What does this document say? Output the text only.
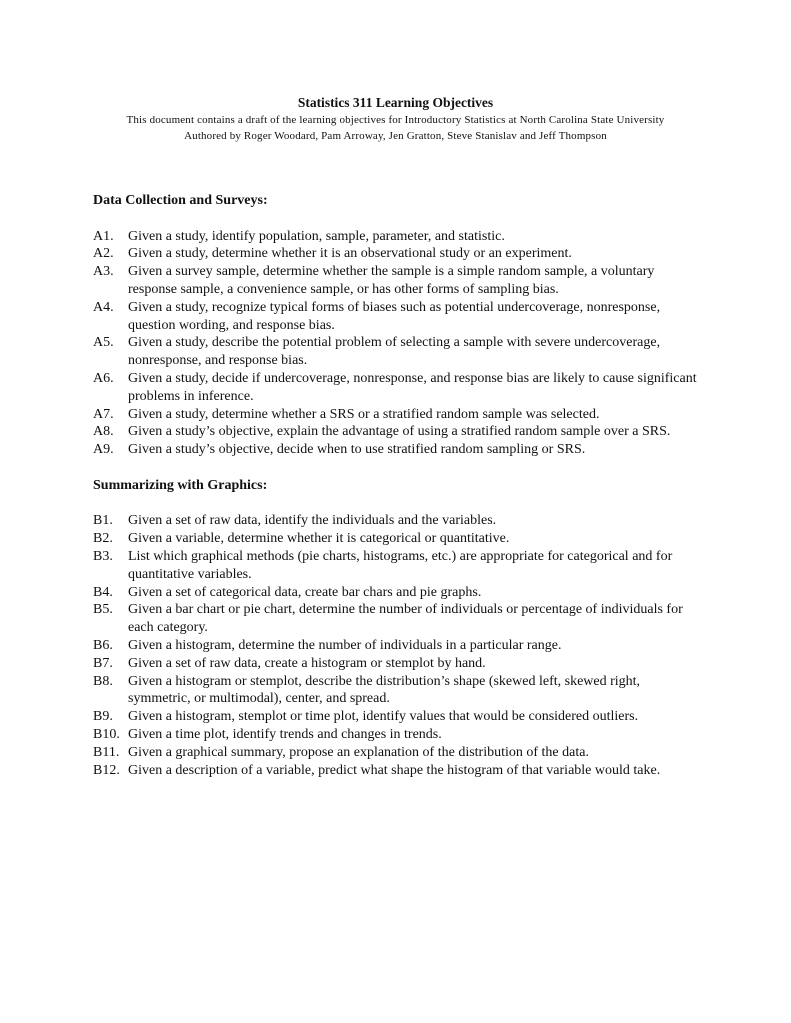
Statistics 311 Learning Objectives

This document contains a draft of the learning objectives for Introductory Statistics at North Carolina State University

Authored by Roger Woodard, Pam Arroway, Jen Gratton, Steve Stanislav and Jeff Thompson

Data Collection and Surveys:
A1.	Given a study, identify population, sample, parameter, and statistic.
A2.	Given a study, determine whether it is an observational study or an experiment.
A3.	Given a survey sample, determine whether the sample is a simple random sample, a voluntary response sample, a convenience sample, or has other forms of sampling bias.
A4.	Given a study, recognize typical forms of biases such as potential undercoverage, nonresponse, question wording, and response bias.
A5.	Given a study, describe the potential problem of selecting a sample with severe undercoverage, nonresponse, and response bias.
A6.	Given a study, decide if undercoverage, nonresponse, and response bias are likely to cause significant problems in inference.
A7.	Given a study, determine whether a SRS or a stratified random sample was selected.
A8.	Given a study’s objective, explain the advantage of using a stratified random sample over a SRS.
A9.	Given a study’s objective, decide when to use stratified random sampling or SRS.
Summarizing with Graphics:
B1.	Given a set of raw data, identify the individuals and the variables.
B2.	Given a variable, determine whether it is categorical or quantitative.
B3.	List which graphical methods (pie charts, histograms, etc.) are appropriate for categorical and for quantitative variables.
B4.	Given a set of categorical data, create bar chars and pie graphs.
B5.	Given a bar chart or pie chart, determine the number of individuals or percentage of individuals for each category.
B6.	Given a histogram, determine the number of individuals in a particular range.
B7.	Given a set of raw data, create a histogram or stemplot by hand.
B8.	Given a histogram or stemplot, describe the distribution’s shape (skewed left, skewed right, symmetric, or multimodal), center, and spread.
B9.	Given a histogram, stemplot or time plot, identify values that would be considered outliers.
B10. Given a time plot, identify trends and changes in trends.
B11. Given a graphical summary, propose an explanation of the distribution of the data.
B12. Given a description of a variable, predict what shape the histogram of that variable would take.
